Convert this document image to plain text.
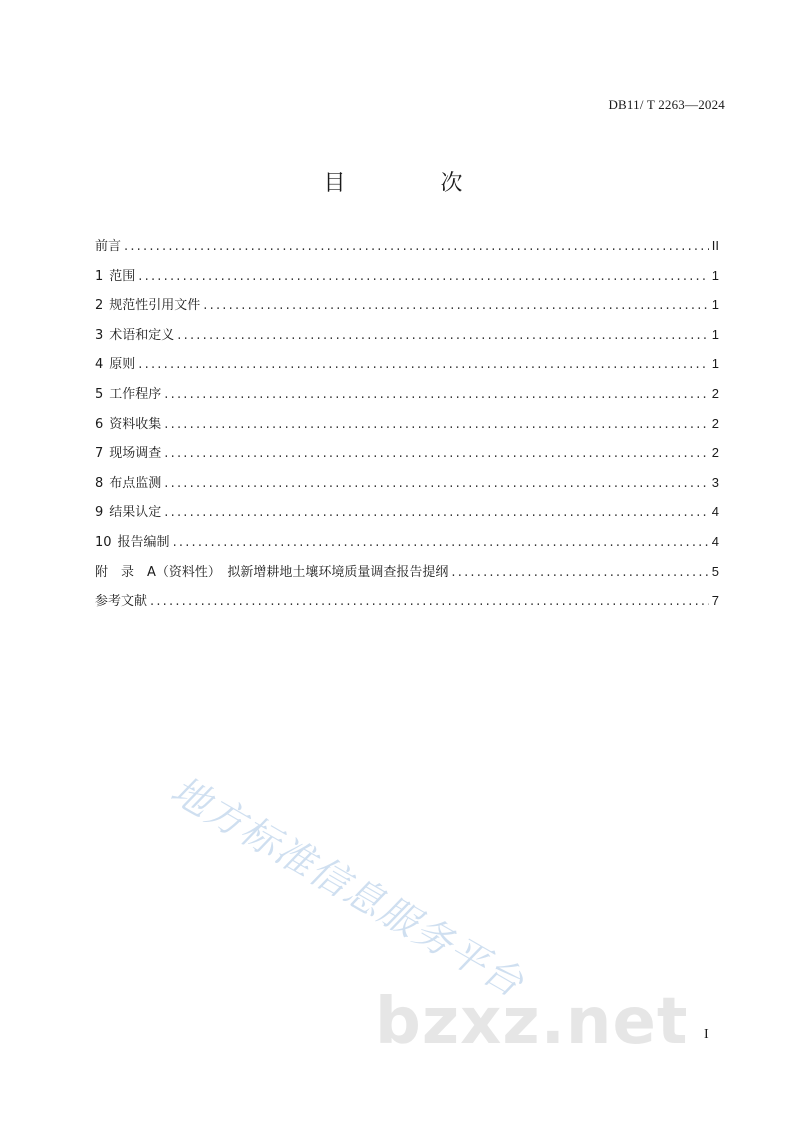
DB11/ T 2263—2024
目 次
前言 .....	II
1 范围 .....	1
2 规范性引用文件 .....	1
3 术语和定义 .....	1
4 原则 .....	1
5 工作程序 .....	2
6 资料收集 .....	2
7 现场调查 .....	2
8 布点监测 .....	3
9 结果认定 .....	4
10 报告编制 .....	4
附　录　A（资料性）　拟新增耕地土壤环境质量调查报告提纲 .....	5
参考文献 .....	7
地方标准信息服务平台
bzxz.net I
